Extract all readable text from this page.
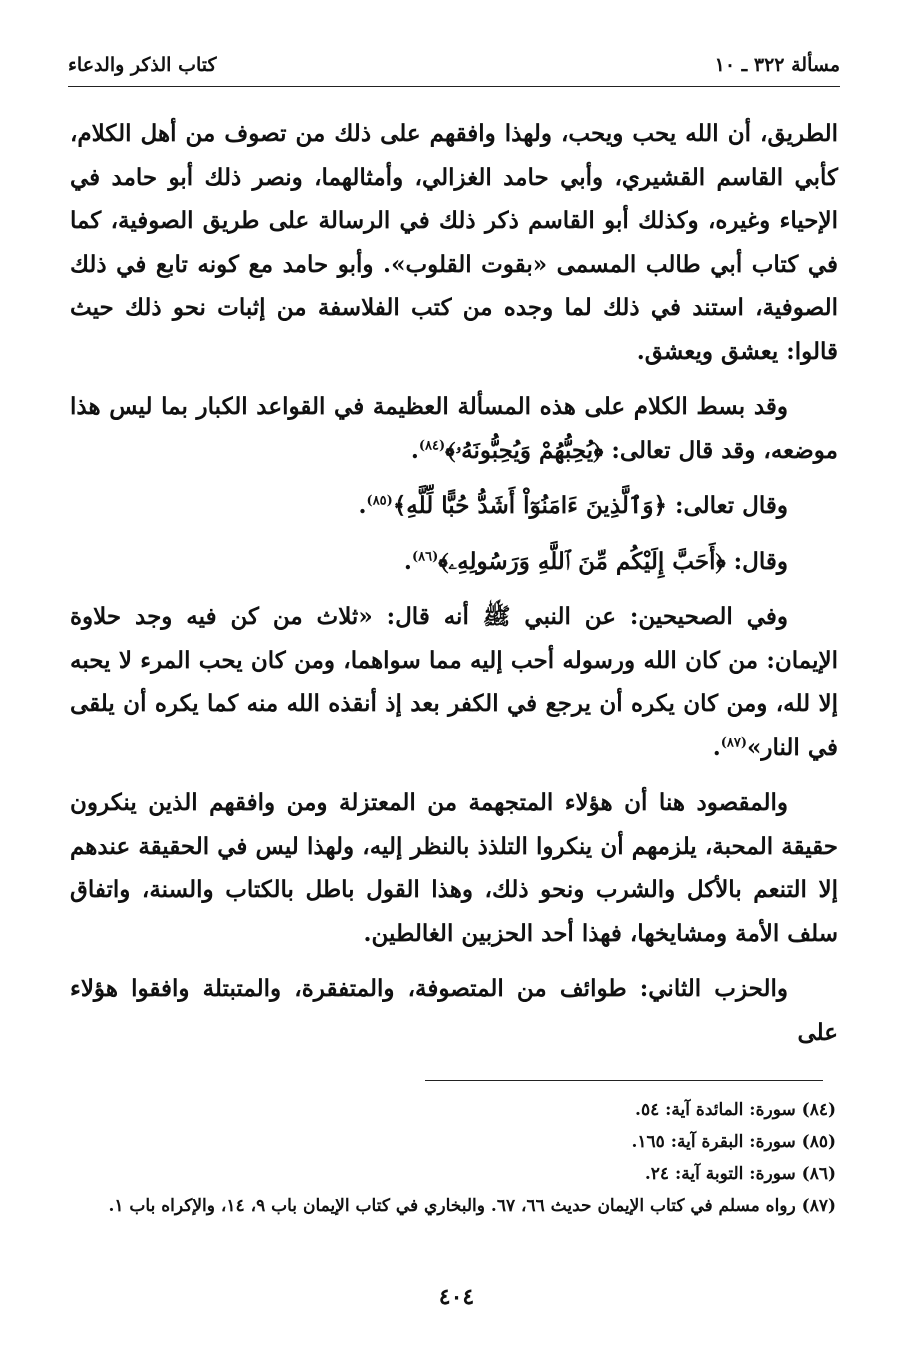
مسألة ٣٢٢ ـ ١٠
كتاب الذكر والدعاء

الطريق، أن الله يحب ويحب، ولهذا وافقهم على ذلك من تصوف من أهل الكلام، كأبي القاسم القشيري، وأبي حامد الغزالي، وأمثالهما، ونصر ذلك أبو حامد في الإحياء وغيره، وكذلك أبو القاسم ذكر ذلك في الرسالة على طريق الصوفية، كما في كتاب أبي طالب المسمى «بقوت القلوب». وأبو حامد مع كونه تابع في ذلك الصوفية، استند في ذلك لما وجده من كتب الفلاسفة من إثبات نحو ذلك حيث قالوا: يعشق ويعشق.

وقد بسط الكلام على هذه المسألة العظيمة في القواعد الكبار بما ليس هذا موضعه، وقد قال تعالى: ﴿يُحِبُّهُمْ وَيُحِبُّونَهُۥ﴾$^{(٨٤)}$.

وقال تعالى: ﴿وَٱلَّذِينَ ءَامَنُوٓاْ أَشَدُّ حُبًّا لِّلَّهِ﴾$^{(٨٥)}$.

وقال: ﴿أَحَبَّ إِلَيْكُم مِّنَ ٱللَّهِ وَرَسُولِهِۦ﴾$^{(٨٦)}$.

وفي الصحيحين: عن النبي ﷺ أنه قال: «ثلاث من كن فيه وجد حلاوة الإيمان: من كان الله ورسوله أحب إليه مما سواهما، ومن كان يحب المرء لا يحبه إلا لله، ومن كان يكره أن يرجع في الكفر بعد إذ أنقذه الله منه كما يكره أن يلقى في النار»$^{(٨٧)}$.

والمقصود هنا أن هؤلاء المتجهمة من المعتزلة ومن وافقهم الذين ينكرون حقيقة المحبة، يلزمهم أن ينكروا التلذذ بالنظر إليه، ولهذا ليس في الحقيقة عندهم إلا التنعم بالأكل والشرب ونحو ذلك، وهذا القول باطل بالكتاب والسنة، واتفاق سلف الأمة ومشايخها، فهذا أحد الحزبين الغالطين.

والحزب الثاني: طوائف من المتصوفة، والمتفقرة، والمتبتلة وافقوا هؤلاء على

(٨٤) سورة: المائدة آية: ٥٤.
(٨٥) سورة: البقرة آية: ١٦٥.
(٨٦) سورة: التوبة آية: ٢٤.
(٨٧) رواه مسلم في كتاب الإيمان حديث ٦٦، ٦٧. والبخاري في كتاب الإيمان باب ٩، ١٤، والإكراه باب ١.
٤٠٤
